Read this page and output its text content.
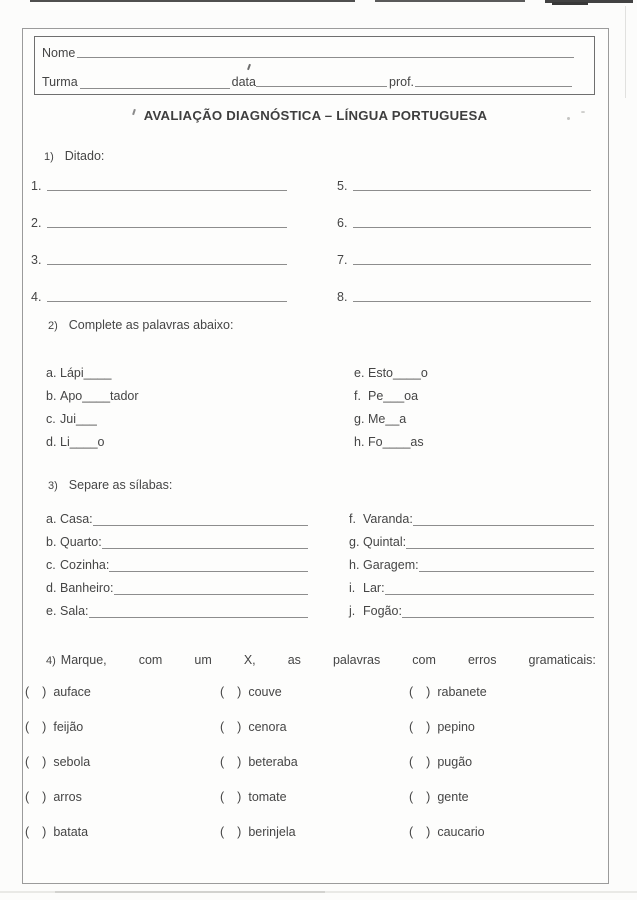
Nome
Turma	data	prof.
AVALIAÇÃO DIAGNÓSTICA – LÍNGUA PORTUGUESA
1) Ditado:
1.	5.
2.	6.
3.	7.
4.	8.
2) Complete as palavras abaixo:
a. Lápi____	e. Esto____o
b. Apo____tador	f. Pe___oa
c. Jui___	g. Me__a
d. Li____o	h. Fo____as
3) Separe as sílabas:
a. Casa:	f. Varanda:
b. Quarto:	g. Quintal:
c. Cozinha:	h. Garagem:
d. Banheiro:	i. Lar:
e. Sala:	j. Fogão:
4) Marque,	com	um	X,	as	palavras	com	erros	gramaticais:
( ) auface	( ) couve	( ) rabanete
( ) feijão	( ) cenora	( ) pepino
( ) sebola	( ) beteraba	( ) pugão
( ) arros	( ) tomate	( ) gente
( ) batata	( ) berinjela	( ) caucario
